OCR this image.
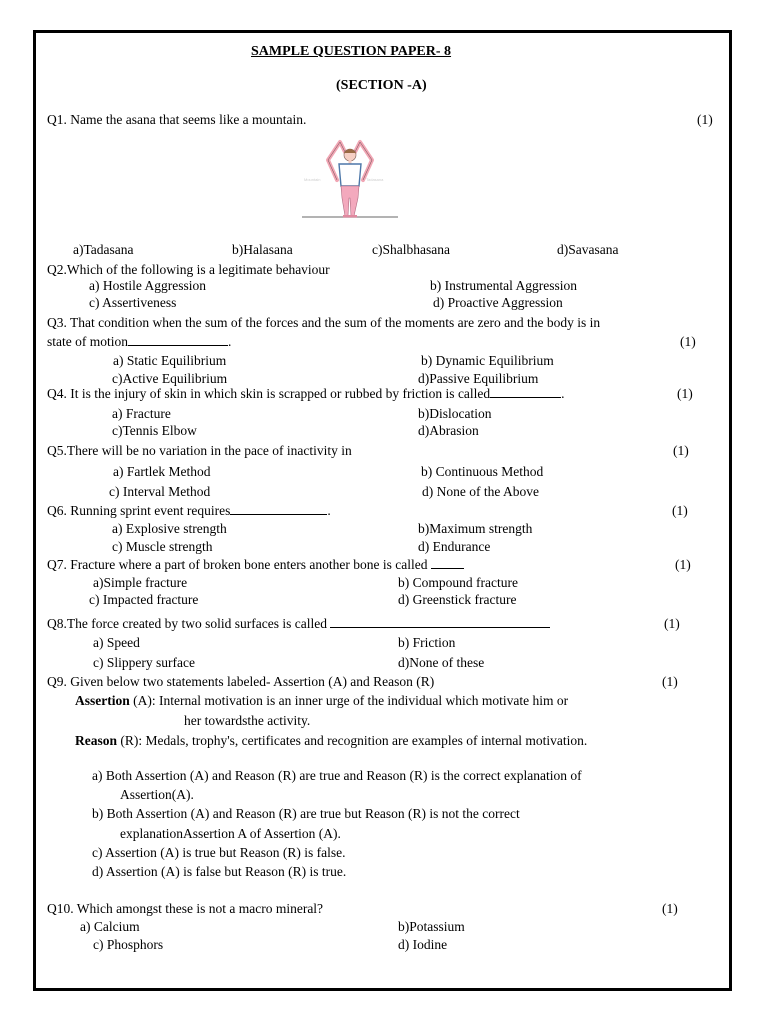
SAMPLE QUESTION PAPER- 8
(SECTION -A)
Q1. Name the asana that seems like a mountain.	(1)
Mountain	Tadasana
a)Tadasana	b)Halasana	c)Shalbhasana	d)Savasana
Q2.Which of the following is a legitimate behaviour
a) Hostile Aggression	b) Instrumental Aggression
c) Assertiveness	d) Proactive Aggression
Q3. That condition when the sum of the forces and the sum of the moments are zero and the body is in
state of motion	.	(1)
a) Static Equilibrium	b) Dynamic Equilibrium
c)Active Equilibrium	d)Passive Equilibrium
Q4. It is the injury of skin in which skin is scrapped or rubbed by friction is called	.	(1)
a) Fracture	b)Dislocation
c)Tennis Elbow	d)Abrasion
Q5.There will be no variation in the pace of inactivity in	(1)
a) Fartlek Method	b) Continuous Method
c) Interval Method	d) None of the Above
Q6. Running sprint event requires	.	(1)
a) Explosive strength	b)Maximum strength
c) Muscle strength	d) Endurance
Q7. Fracture where a part of broken bone enters another bone is called	(1)
a)Simple fracture	b) Compound fracture
c) Impacted fracture	d) Greenstick fracture
Q8.The force created by two solid surfaces is called	(1)
a) Speed	b) Friction
c) Slippery surface	d)None of these
Q9. Given below two statements labeled- Assertion (A) and Reason (R)	(1)
Assertion (A): Internal motivation is an inner urge of the individual which motivate him or
her towardsthe activity.
Reason (R): Medals, trophy's, certificates and recognition are examples of internal motivation.
a) Both Assertion (A) and Reason (R) are true and Reason (R) is the correct explanation of
Assertion(A).
b) Both Assertion (A) and Reason (R) are true but Reason (R) is not the correct
explanationAssertion A of Assertion (A).
c) Assertion (A) is true but Reason (R) is false.
d) Assertion (A) is false but Reason (R) is true.
Q10. Which amongst these is not a macro mineral?	(1)
a) Calcium	b)Potassium
c) Phosphors	d) Iodine
